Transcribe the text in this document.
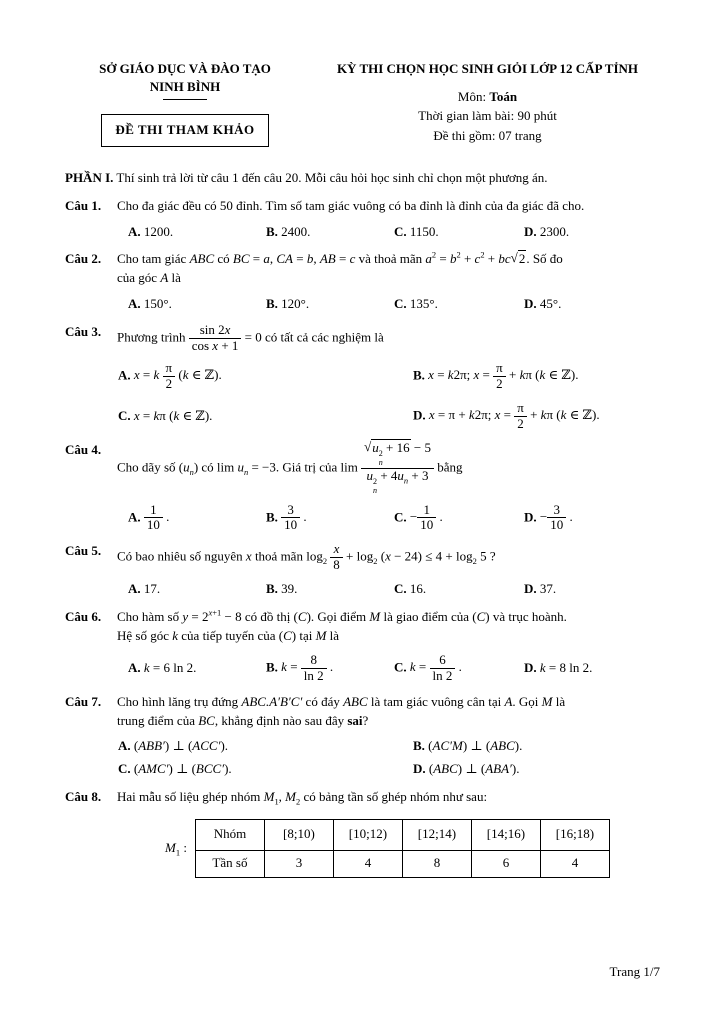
SỞ GIÁO DỤC VÀ ĐÀO TẠO
NINH BÌNH
ĐỀ THI THAM KHẢO
KỲ THI CHỌN HỌC SINH GIỎI LỚP 12 CẤP TỈNH
Môn: Toán
Thời gian làm bài: 90 phút
Đề thi gồm: 07 trang
PHẦN I. Thí sinh trả lời từ câu 1 đến câu 20. Mỗi câu hỏi học sinh chỉ chọn một phương án.
Câu 1.	Cho đa giác đều có 50 đỉnh. Tìm số tam giác vuông có ba đỉnh là đỉnh của đa giác đã cho.
A. 1200.	B. 2400.	C. 1150.	D. 2300.
Câu 2.	Cho tam giác ABC có BC = a, CA = b, AB = c và thoả mãn $a^2 = b^2 + c^2 + bc√2$. Số đo
của góc A là
A. 150°.	B. 120°.	C. 135°.	D. 45°.
Câu 3.	Phương trình $\frac{\sin 2x}{\text{cos x + 1}} = 0$ có tất cả các nghiệm là
A. x = k $\frac{\pi}{2} (k$ ∈ ℤ).	B. x = k2π; $x = \frac{\pi}{2} + k\pi$ (k ∈ ℤ).
C. x = kπ (k ∈ ℤ).	D. x = π + k2π; $x = \frac{\pi}{2} + k\pi$ (k ∈ ℤ).
Câu 4.
Cho dãy số $(u_n)$ có $\lim u_n = -3$. Giá trị của lim √u 2
n
+ 16 − 5
u 2
n
+ $4u_n + 3$ bằng
A. $\frac{1}{10}$ .	B. $\frac{3}{10}$ .	C. − $\frac{1}{10}$ .	D. − $\frac{3}{10}$ .
Câu 5.	Có bao nhiêu số nguyên x thoả mãn $\log_2 \frac{x}{8} + \log_2 (x - 24) \le 4 + \log_2 5$ ?
A. 17.	B. 39.	C. 16.	D. 37.
Câu 6.	Cho hàm số $y = 2^{x+1} - 8$ có đồ thị (C). Gọi điểm M là giao điểm của (C) và trục hoành.
Hệ số góc k của tiếp tuyến của (C) tại M là
A. k = 6 ln 2.	B. $k = \frac{8}{\ln 2}$ .	C. $k = \frac{6}{\ln 2}$ .	D. k = 8 ln 2.
Câu 7.	Cho hình lăng trụ đứng ABC.A′B′C′ có đáy ABC là tam giác vuông cân tại A. Gọi M là
trung điểm của BC, khẳng định nào sau đây sai?
A. (ABB′) ⊥ (ACC′).	B. (AC′M) ⊥ (ABC).
C. (AMC′) ⊥ (BCC′).	D. (ABC) ⊥ (ABA′).
Câu 8.	Hai mẫu số liệu ghép nhóm $M_1$, $M_2$ có bảng tần số ghép nhóm như sau:
$M_1$ :
Nhóm	[8;10)	[10;12)	[12;14)	[14;16)	[16;18)
Tần số	3	4	8	6	4
Trang 1/7
